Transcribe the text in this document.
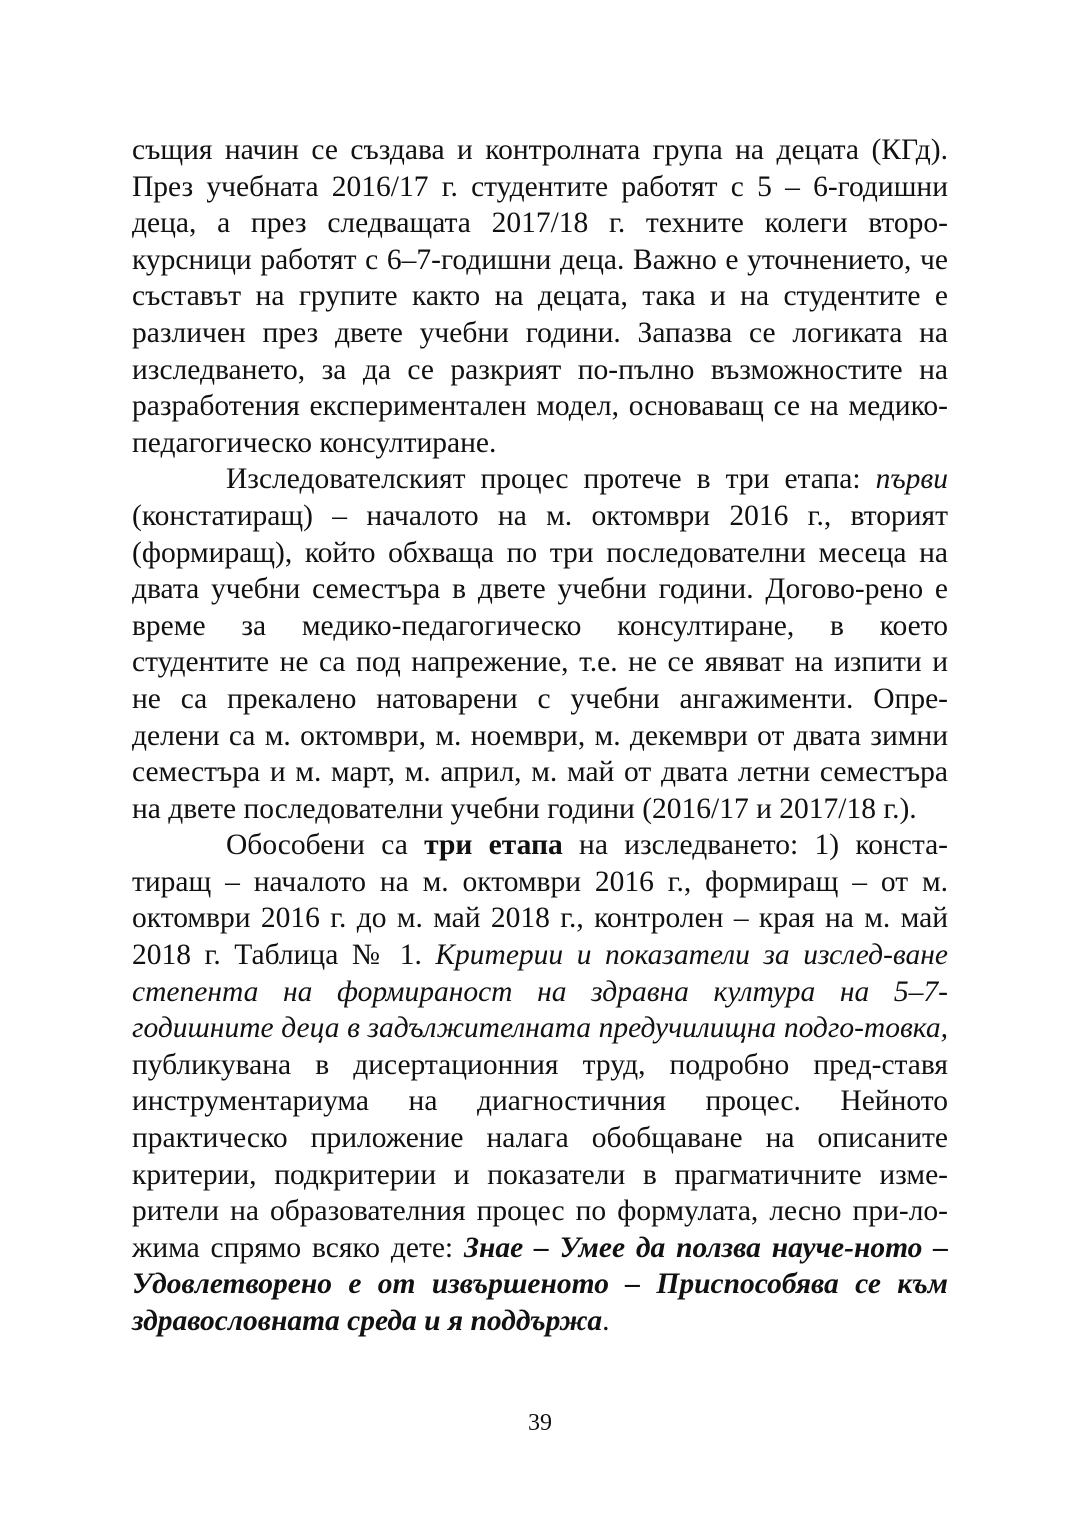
същия начин се създава и контролната група на децата (КГд). През учебната 2016/17 г. студентите работят с 5 – 6-годишни деца, а през следващата 2017/18 г. техните колеги второ-курсници работят с 6–7-годишни деца. Важно е уточнението, че съставът на групите както на децата, така и на студентите е различен през двете учебни години. Запазва се логиката на изследването, за да се разкрият по-пълно възможностите на разработения експериментален модел, основаващ се на медико-педагогическо консултиране.

Изследователският процес протече в три етапа: първи (констатиращ) – началото на м. октомври 2016 г., вторият (формиращ), който обхваща по три последователни месеца на двата учебни семестъра в двете учебни години. Догово-рено е време за медико-педагогическо консултиране, в което студентите не са под напрежение, т.е. не се явяват на изпити и не са прекалено натоварени с учебни ангажименти. Опре-делени са м. октомври, м. ноември, м. декември от двата зимни семестъра и м. март, м. април, м. май от двата летни семестъра на двете последователни учебни години (2016/17 и 2017/18 г.).

Обособени са три етапа на изследването: 1) конста-тиращ – началото на м. октомври 2016 г., формиращ – от м. октомври 2016 г. до м. май 2018 г., контролен – края на м. май 2018 г. Таблица № 1. Критерии и показатели за изслед-ване степента на формираност на здравна култура на 5–7-годишните деца в задължителната предучилищна подго-товка, публикувана в дисертационния труд, подробно пред-ставя инструментариума на диагностичния процес. Нейното практическо приложение налага обобщаване на описаните критерии, подкритерии и показатели в прагматичните изме-рители на образователния процес по формулата, лесно при-ло-жима спрямо всяко дете: Знае – Умее да ползва науче-ното – Удовлетворено е от извършеното – Приспособява се към здравословната среда и я поддържа.

39
